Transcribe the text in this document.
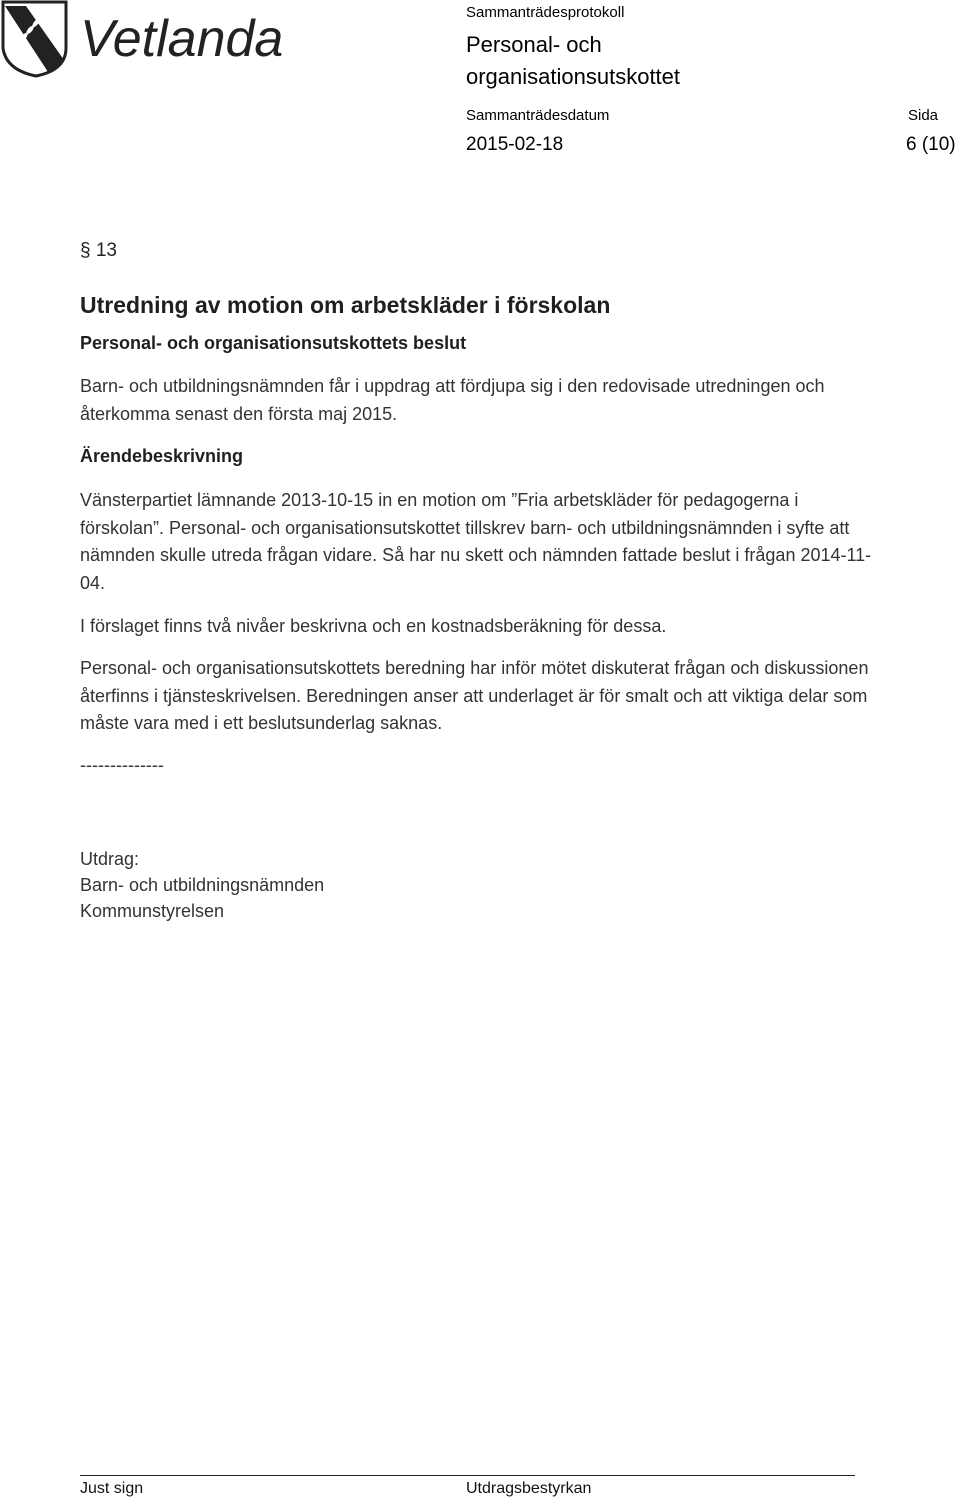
Vetlanda	Sammanträdesprotokoll

Personal- och

organisationsutskottet

Sammanträdesdatum	Sida

2015-02-18	6 (10)

§ 13

Utredning av motion om arbetskläder i förskolan

Personal- och organisationsutskottets beslut

Barn- och utbildningsnämnden får i uppdrag att fördjupa sig i den redovisade utredningen och återkomma senast den första maj 2015.

Ärendebeskrivning

Vänsterpartiet lämnande 2013-10-15 in en motion om ”Fria arbetskläder för pedagogerna i förskolan”. Personal- och organisationsutskottet tillskrev barn- och utbildningsnämnden i syfte att nämnden skulle utreda frågan vidare. Så har nu skett och nämnden fattade beslut i frågan 2014-11-04.

I förslaget finns två nivåer beskrivna och en kostnadsberäkning för dessa.

Personal- och organisationsutskottets beredning har inför mötet diskuterat frågan och diskussionen återfinns i tjänsteskrivelsen. Beredningen anser att underlaget är för smalt och att viktiga delar som måste vara med i ett beslutsunderlag saknas.

--------------

Utdrag:

Barn- och utbildningsnämnden

Kommunstyrelsen

Just sign	Utdragsbestyrkan
